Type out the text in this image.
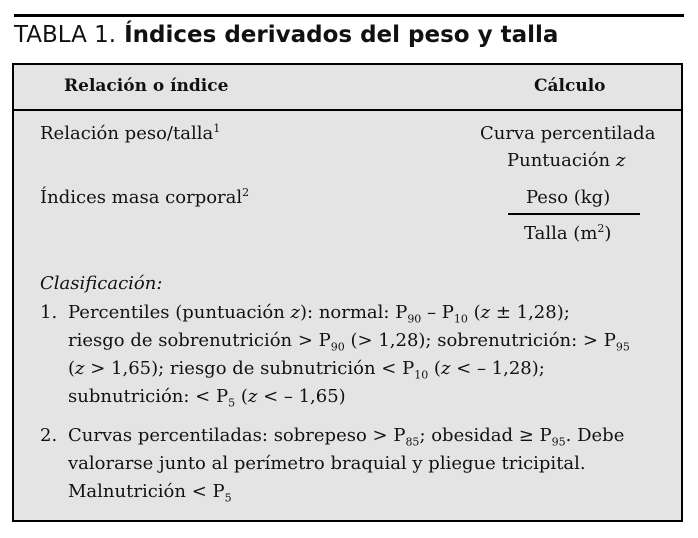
TABLA 1. Índices derivados del peso y talla
Relación o índice	Cálculo
Relación peso/talla$^1$	Curva percentilada
Puntuación z
Índices masa corporal$^2$	Peso (kg)
Talla $(m^2)$
Clasificación:
1. Percentiles (puntuación z): normal: $P_{90} - P_{10}$ (z ± 1,28);
riesgo de sobrenutrición > $P_{90}$ (> 1,28); sobrenutrición: > $P_{95}$
(z > 1,65); riesgo de subnutrición < $P_{10}$ (z < – 1,28);
subnutrición: < $P_5$ (z < – 1,65)
2. Curvas percentiladas: sobrepeso > $P_{85}$; obesidad ≥ $P_{95}$. Debe
valorarse junto al perímetro braquial y pliegue tricipital.
Malnutrición < $P_5$
